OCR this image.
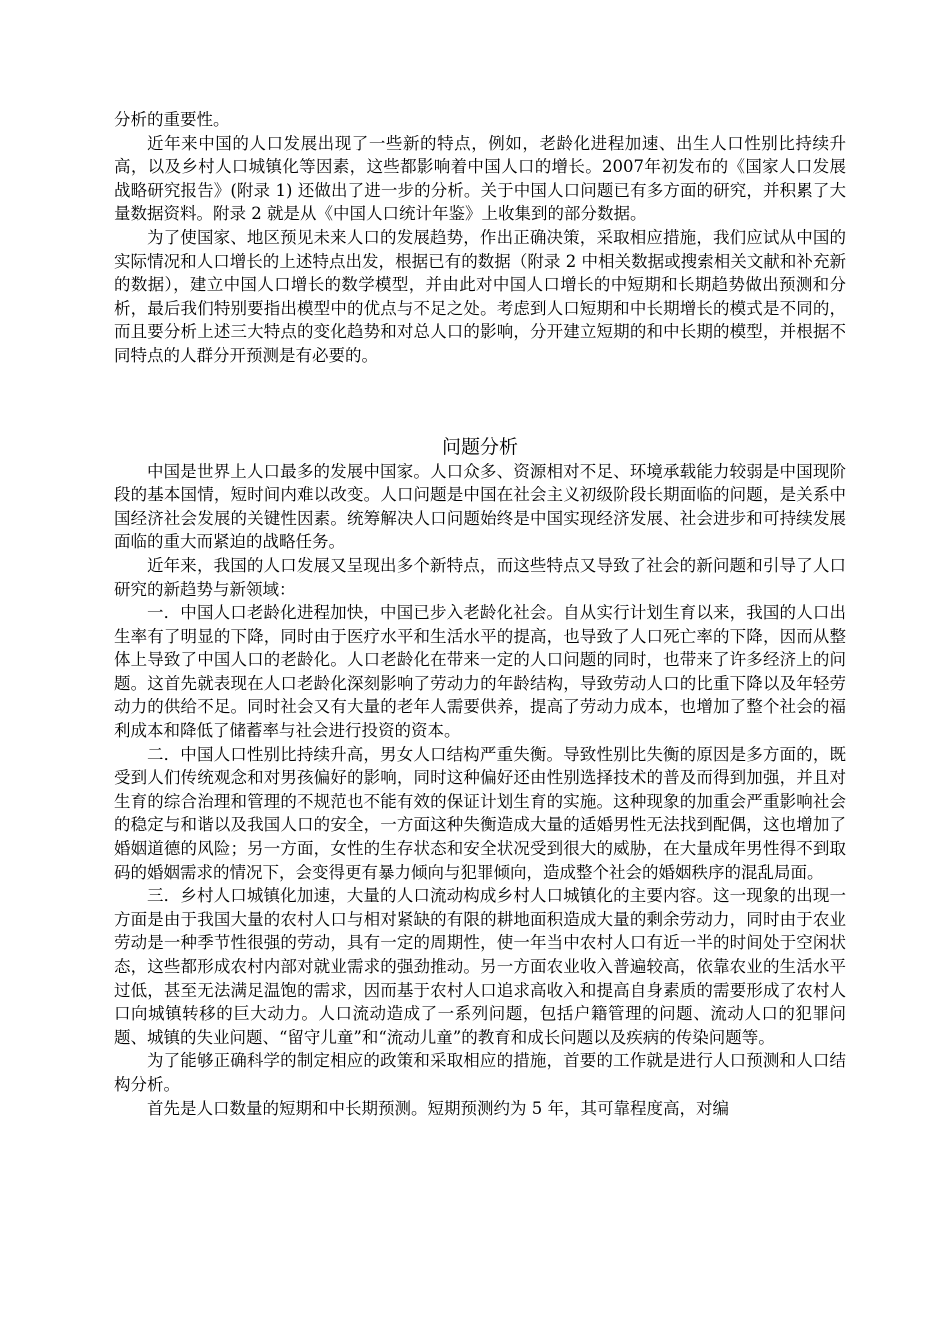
分析的重要性。

近年来中国的人口发展出现了一些新的特点，例如，老龄化进程加速、出生人口性别比持续升高，以及乡村人口城镇化等因素，这些都影响着中国人口的增长。2007年初发布的《国家人口发展战略研究报告》(附录 1) 还做出了进一步的分析。关于中国人口问题已有多方面的研究，并积累了大量数据资料。附录 2 就是从《中国人口统计年鉴》上收集到的部分数据。

为了使国家、地区预见未来人口的发展趋势，作出正确决策，采取相应措施，我们应试从中国的实际情况和人口增长的上述特点出发，根据已有的数据（附录 2 中相关数据或搜索相关文献和补充新的数据），建立中国人口增长的数学模型，并由此对中国人口增长的中短期和长期趋势做出预测和分析，最后我们特别要指出模型中的优点与不足之处。考虑到人口短期和中长期增长的模式是不同的，而且要分析上述三大特点的变化趋势和对总人口的影响，分开建立短期的和中长期的模型，并根据不同特点的人群分开预测是有必要的。

问题分析

中国是世界上人口最多的发展中国家。人口众多、资源相对不足、环境承载能力较弱是中国现阶段的基本国情，短时间内难以改变。人口问题是中国在社会主义初级阶段长期面临的问题，是关系中国经济社会发展的关键性因素。统筹解决人口问题始终是中国实现经济发展、社会进步和可持续发展面临的重大而紧迫的战略任务。

近年来，我国的人口发展又呈现出多个新特点，而这些特点又导致了社会的新问题和引导了人口研究的新趋势与新领域：

一．中国人口老龄化进程加快，中国已步入老龄化社会。自从实行计划生育以来，我国的人口出生率有了明显的下降，同时由于医疗水平和生活水平的提高，也导致了人口死亡率的下降，因而从整体上导致了中国人口的老龄化。人口老龄化在带来一定的人口问题的同时，也带来了许多经济上的问题。这首先就表现在人口老龄化深刻影响了劳动力的年龄结构，导致劳动人口的比重下降以及年轻劳动力的供给不足。同时社会又有大量的老年人需要供养，提高了劳动力成本，也增加了整个社会的福利成本和降低了储蓄率与社会进行投资的资本。

二．中国人口性别比持续升高，男女人口结构严重失衡。导致性别比失衡的原因是多方面的，既受到人们传统观念和对男孩偏好的影响，同时这种偏好还由性别选择技术的普及而得到加强，并且对生育的综合治理和管理的不规范也不能有效的保证计划生育的实施。这种现象的加重会严重影响社会的稳定与和谐以及我国人口的安全，一方面这种失衡造成大量的适婚男性无法找到配偶，这也增加了婚姻道德的风险；另一方面，女性的生存状态和安全状况受到很大的威胁，在大量成年男性得不到取码的婚姻需求的情况下，会变得更有暴力倾向与犯罪倾向，造成整个社会的婚姻秩序的混乱局面。

三．乡村人口城镇化加速，大量的人口流动构成乡村人口城镇化的主要内容。这一现象的出现一方面是由于我国大量的农村人口与相对紧缺的有限的耕地面积造成大量的剩余劳动力，同时由于农业劳动是一种季节性很强的劳动，具有一定的周期性，使一年当中农村人口有近一半的时间处于空闲状态，这些都形成农村内部对就业需求的强劲推动。另一方面农业收入普遍较高，依靠农业的生活水平过低，甚至无法满足温饱的需求，因而基于农村人口追求高收入和提高自身素质的需要形成了农村人口向城镇转移的巨大动力。人口流动造成了一系列问题，包括户籍管理的问题、流动人口的犯罪问题、城镇的失业问题、“留守儿童”和“流动儿童”的教育和成长问题以及疾病的传染问题等。

为了能够正确科学的制定相应的政策和采取相应的措施，首要的工作就是进行人口预测和人口结构分析。

首先是人口数量的短期和中长期预测。短期预测约为 5 年，其可靠程度高，对编
